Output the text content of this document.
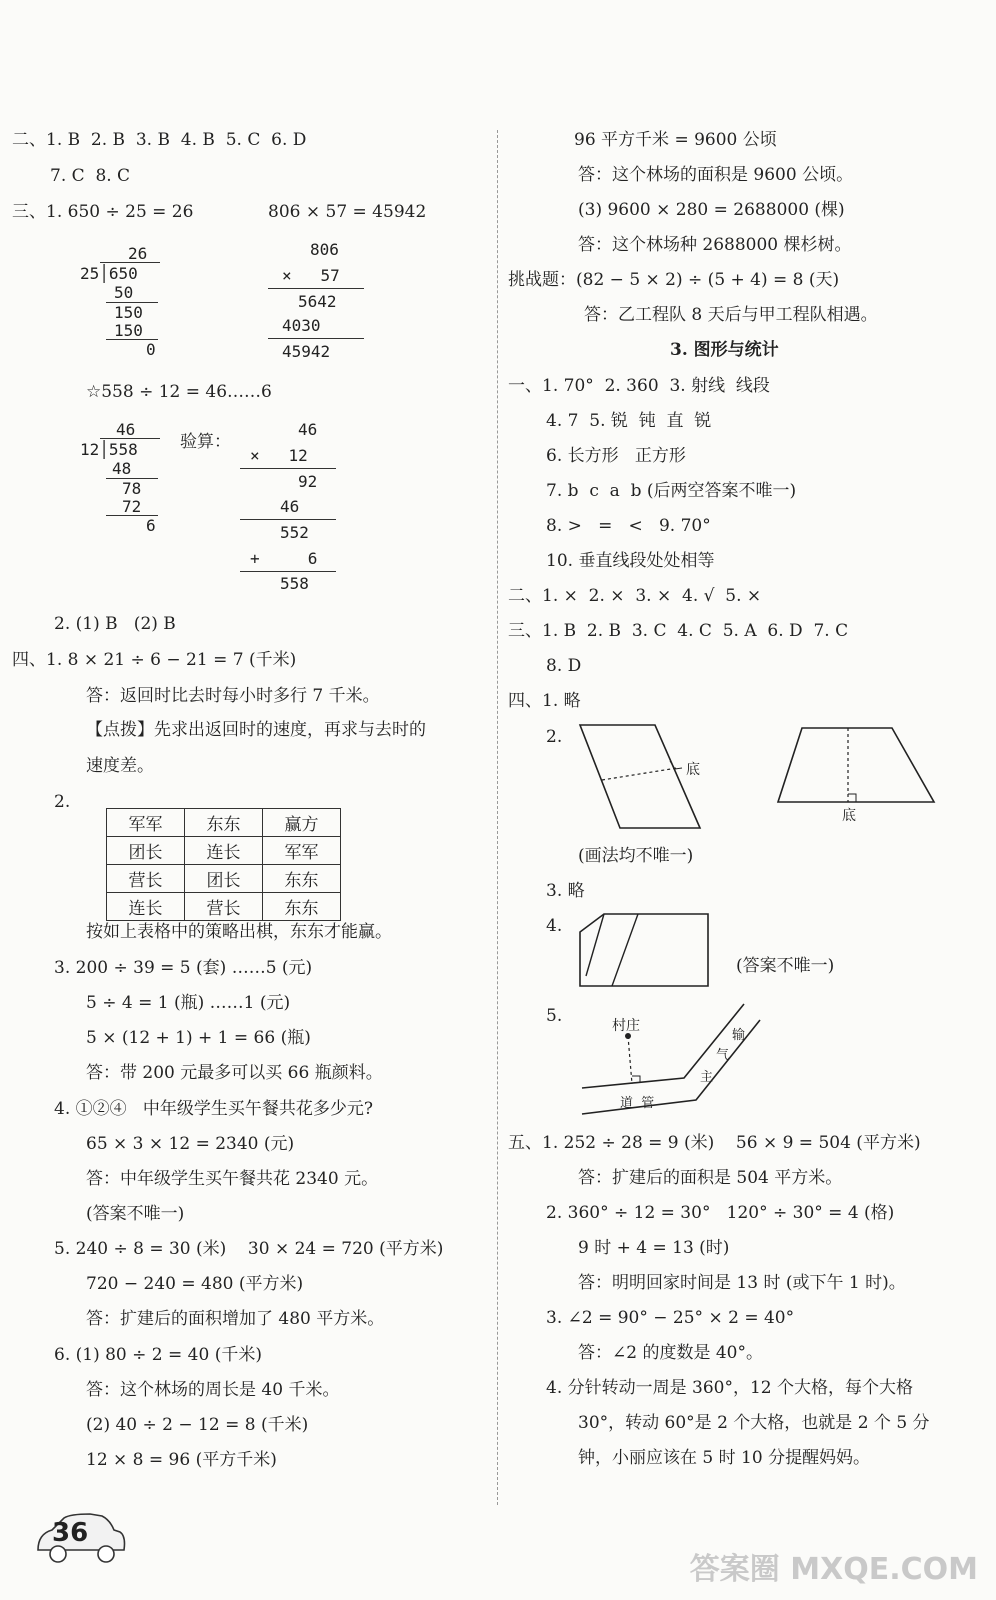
二、1. B  2. B  3. B  4. B  5. C  6. D
7. C  8. C
三、1. 650 ÷ 25 = 26	806 × 57 = 45942
26
25│650
50
150
150
0
806
×   57
5642
4030
45942
☆558 ÷ 12 = 46……6
46
12│558
48
78
72
6
验算：
46
×   12
92
46
552
+     6
558
2. (1) B   (2) B
四、1. 8 × 21 ÷ 6 − 21 = 7 (千米)
答：返回时比去时每小时多行 7 千米。
【点拨】先求出返回时的速度，再求与去时的
速度差。
2.
军军	东东	赢方
团长	连长	军军
营长	团长	东东
连长	营长	东东
按如上表格中的策略出棋，东东才能赢。
3. 200 ÷ 39 = 5 (套) ……5 (元)
5 ÷ 4 = 1 (瓶) ……1 (元)
5 × (12 + 1) + 1 = 66 (瓶)
答：带 200 元最多可以买 66 瓶颜料。
4. ①②④   中年级学生买午餐共花多少元?
65 × 3 × 12 = 2340 (元)
答：中年级学生买午餐共花 2340 元。
(答案不唯一)
5. 240 ÷ 8 = 30 (米)    30 × 24 = 720 (平方米)
720 − 240 = 480 (平方米)
答：扩建后的面积增加了 480 平方米。
6. (1) 80 ÷ 2 = 40 (千米)
答：这个林场的周长是 40 千米。
(2) 40 ÷ 2 − 12 = 8 (千米)
12 × 8 = 96 (平方千米)
96 平方千米 = 9600 公顷
答：这个林场的面积是 9600 公顷。
(3) 9600 × 280 = 2688000 (棵)
答：这个林场种 2688000 棵杉树。
挑战题：(82 − 5 × 2) ÷ (5 + 4) = 8 (天)
答：乙工程队 8 天后与甲工程队相遇。
3. 图形与统计
一、1. 70°  2. 360  3. 射线  线段
4. 7  5. 锐  钝  直  锐
6. 长方形   正方形
7. b  c  a  b (后两空答案不唯一)
8. >   =   <   9. 70°
10. 垂直线段处处相等
二、1. ×  2. ×  3. ×  4. √  5. ×
三、1. B  2. B  3. C  4. C  5. A  6. D  7. C
8. D
四、1. 略
2.
底
底
(画法均不唯一)
3. 略
4.
(答案不唯一)
5.	村庄
输
气
主
道  管
五、1. 252 ÷ 28 = 9 (米)    56 × 9 = 504 (平方米)
答：扩建后的面积是 504 平方米。
2. 360° ÷ 12 = 30°   120° ÷ 30° = 4 (格)
9 时 + 4 = 13 (时)
答：明明回家时间是 13 时 (或下午 1 时)。
3. ∠2 = 90° − 25° × 2 = 40°
答：∠2 的度数是 40°。
4. 分针转动一周是 360°，12 个大格，每个大格
30°，转动 60°是 2 个大格，也就是 2 个 5 分
钟，小丽应该在 5 时 10 分提醒妈妈。
36
答案圈 MXQE.COM
